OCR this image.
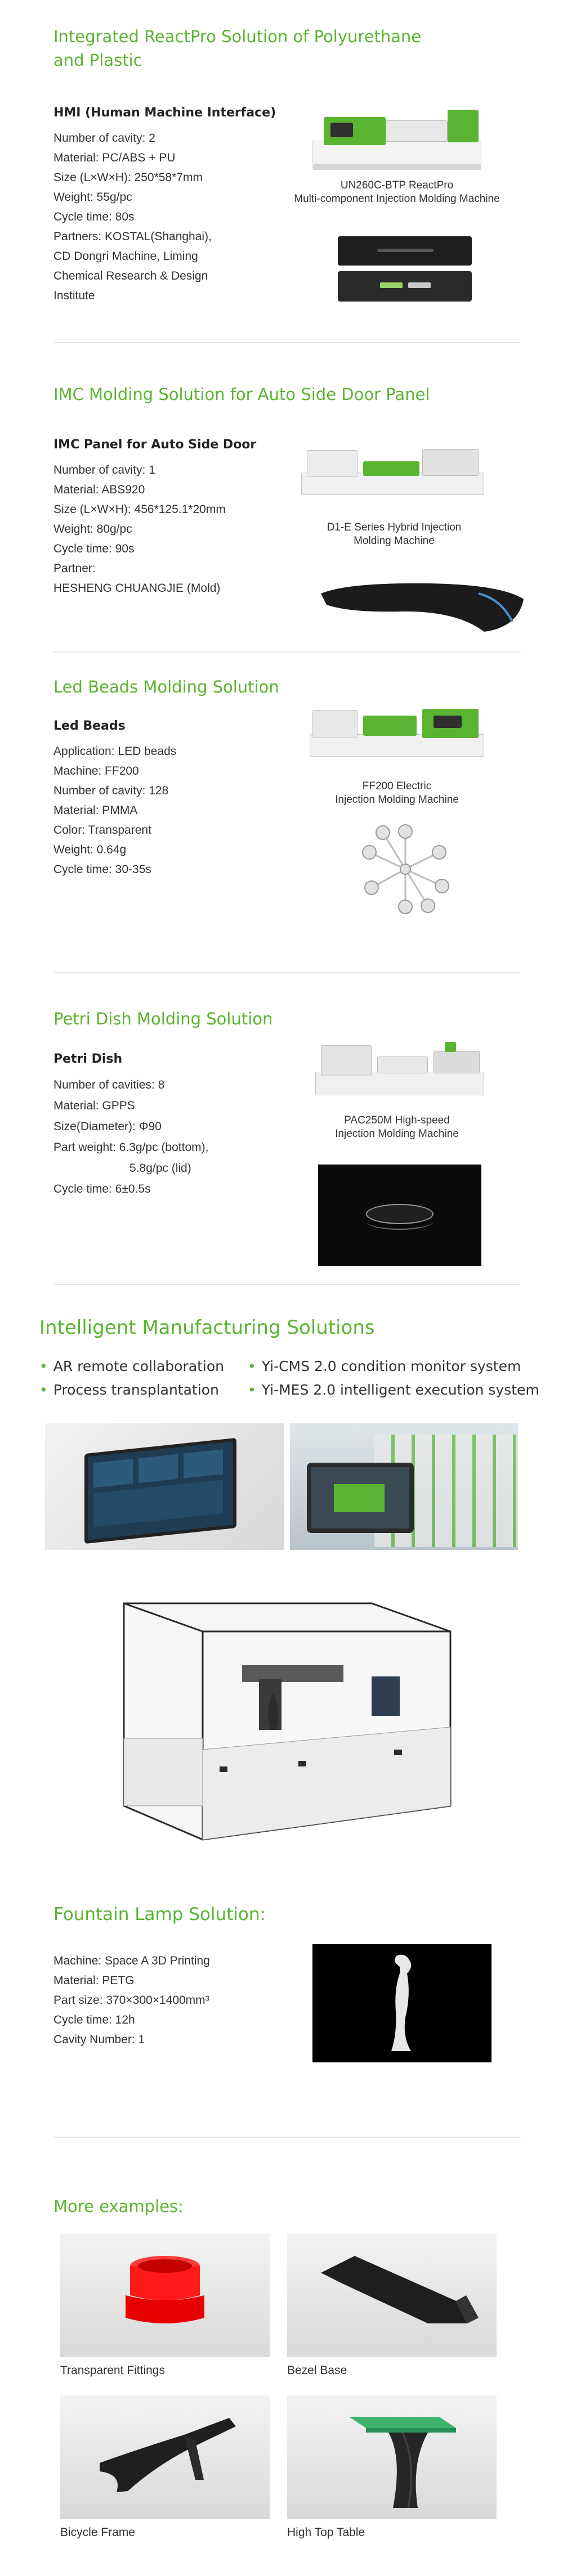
Integrated ReactPro Solution of Polyurethane
and Plastic
HMI (Human Machine Interface)
Number of cavity: 2
Material: PC/ABS + PU
Size (L×W×H): 250*58*7mm
Weight: 55g/pc
Cycle time: 80s
Partners: KOSTAL(Shanghai),
CD Dongri Machine, Liming
Chemical Research & Design
Institute
UN260C-BTP ReactPro
Multi-component Injection Molding Machine
IMC Molding Solution for Auto Side Door Panel
IMC Panel for Auto Side Door
Number of cavity: 1
Material: ABS920
Size (L×W×H): 456*125.1*20mm
Weight: 80g/pc
Cycle time: 90s
Partner:
HESHENG CHUANGJIE (Mold)
D1-E Series Hybrid Injection
Molding Machine
Led Beads Molding Solution
Led Beads
Application: LED beads
Machine: FF200
Number of cavity: 128
Material: PMMA
Color: Transparent
Weight: 0.64g
Cycle time: 30-35s
FF200 Electric
Injection Molding Machine
Petri Dish Molding Solution
Petri Dish
Number of cavities: 8
Material: GPPS
Size(Diameter): Φ90
Part weight: 6.3g/pc (bottom),
5.8g/pc (lid)
Cycle time: 6±0.5s
PAC250M High-speed
Injection Molding Machine
Intelligent Manufacturing Solutions
• AR remote collaboration
• Process transplantation
• Yi-CMS 2.0 condition monitor system
• Yi-MES 2.0 intelligent execution system
Fountain Lamp Solution:
Machine: Space A 3D Printing
Material: PETG
Part size: 370×300×1400mm³
Cycle time: 12h
Cavity Number: 1
More examples:
Transparent Fittings	Bezel Base
Bicycle Frame	High Top Table
